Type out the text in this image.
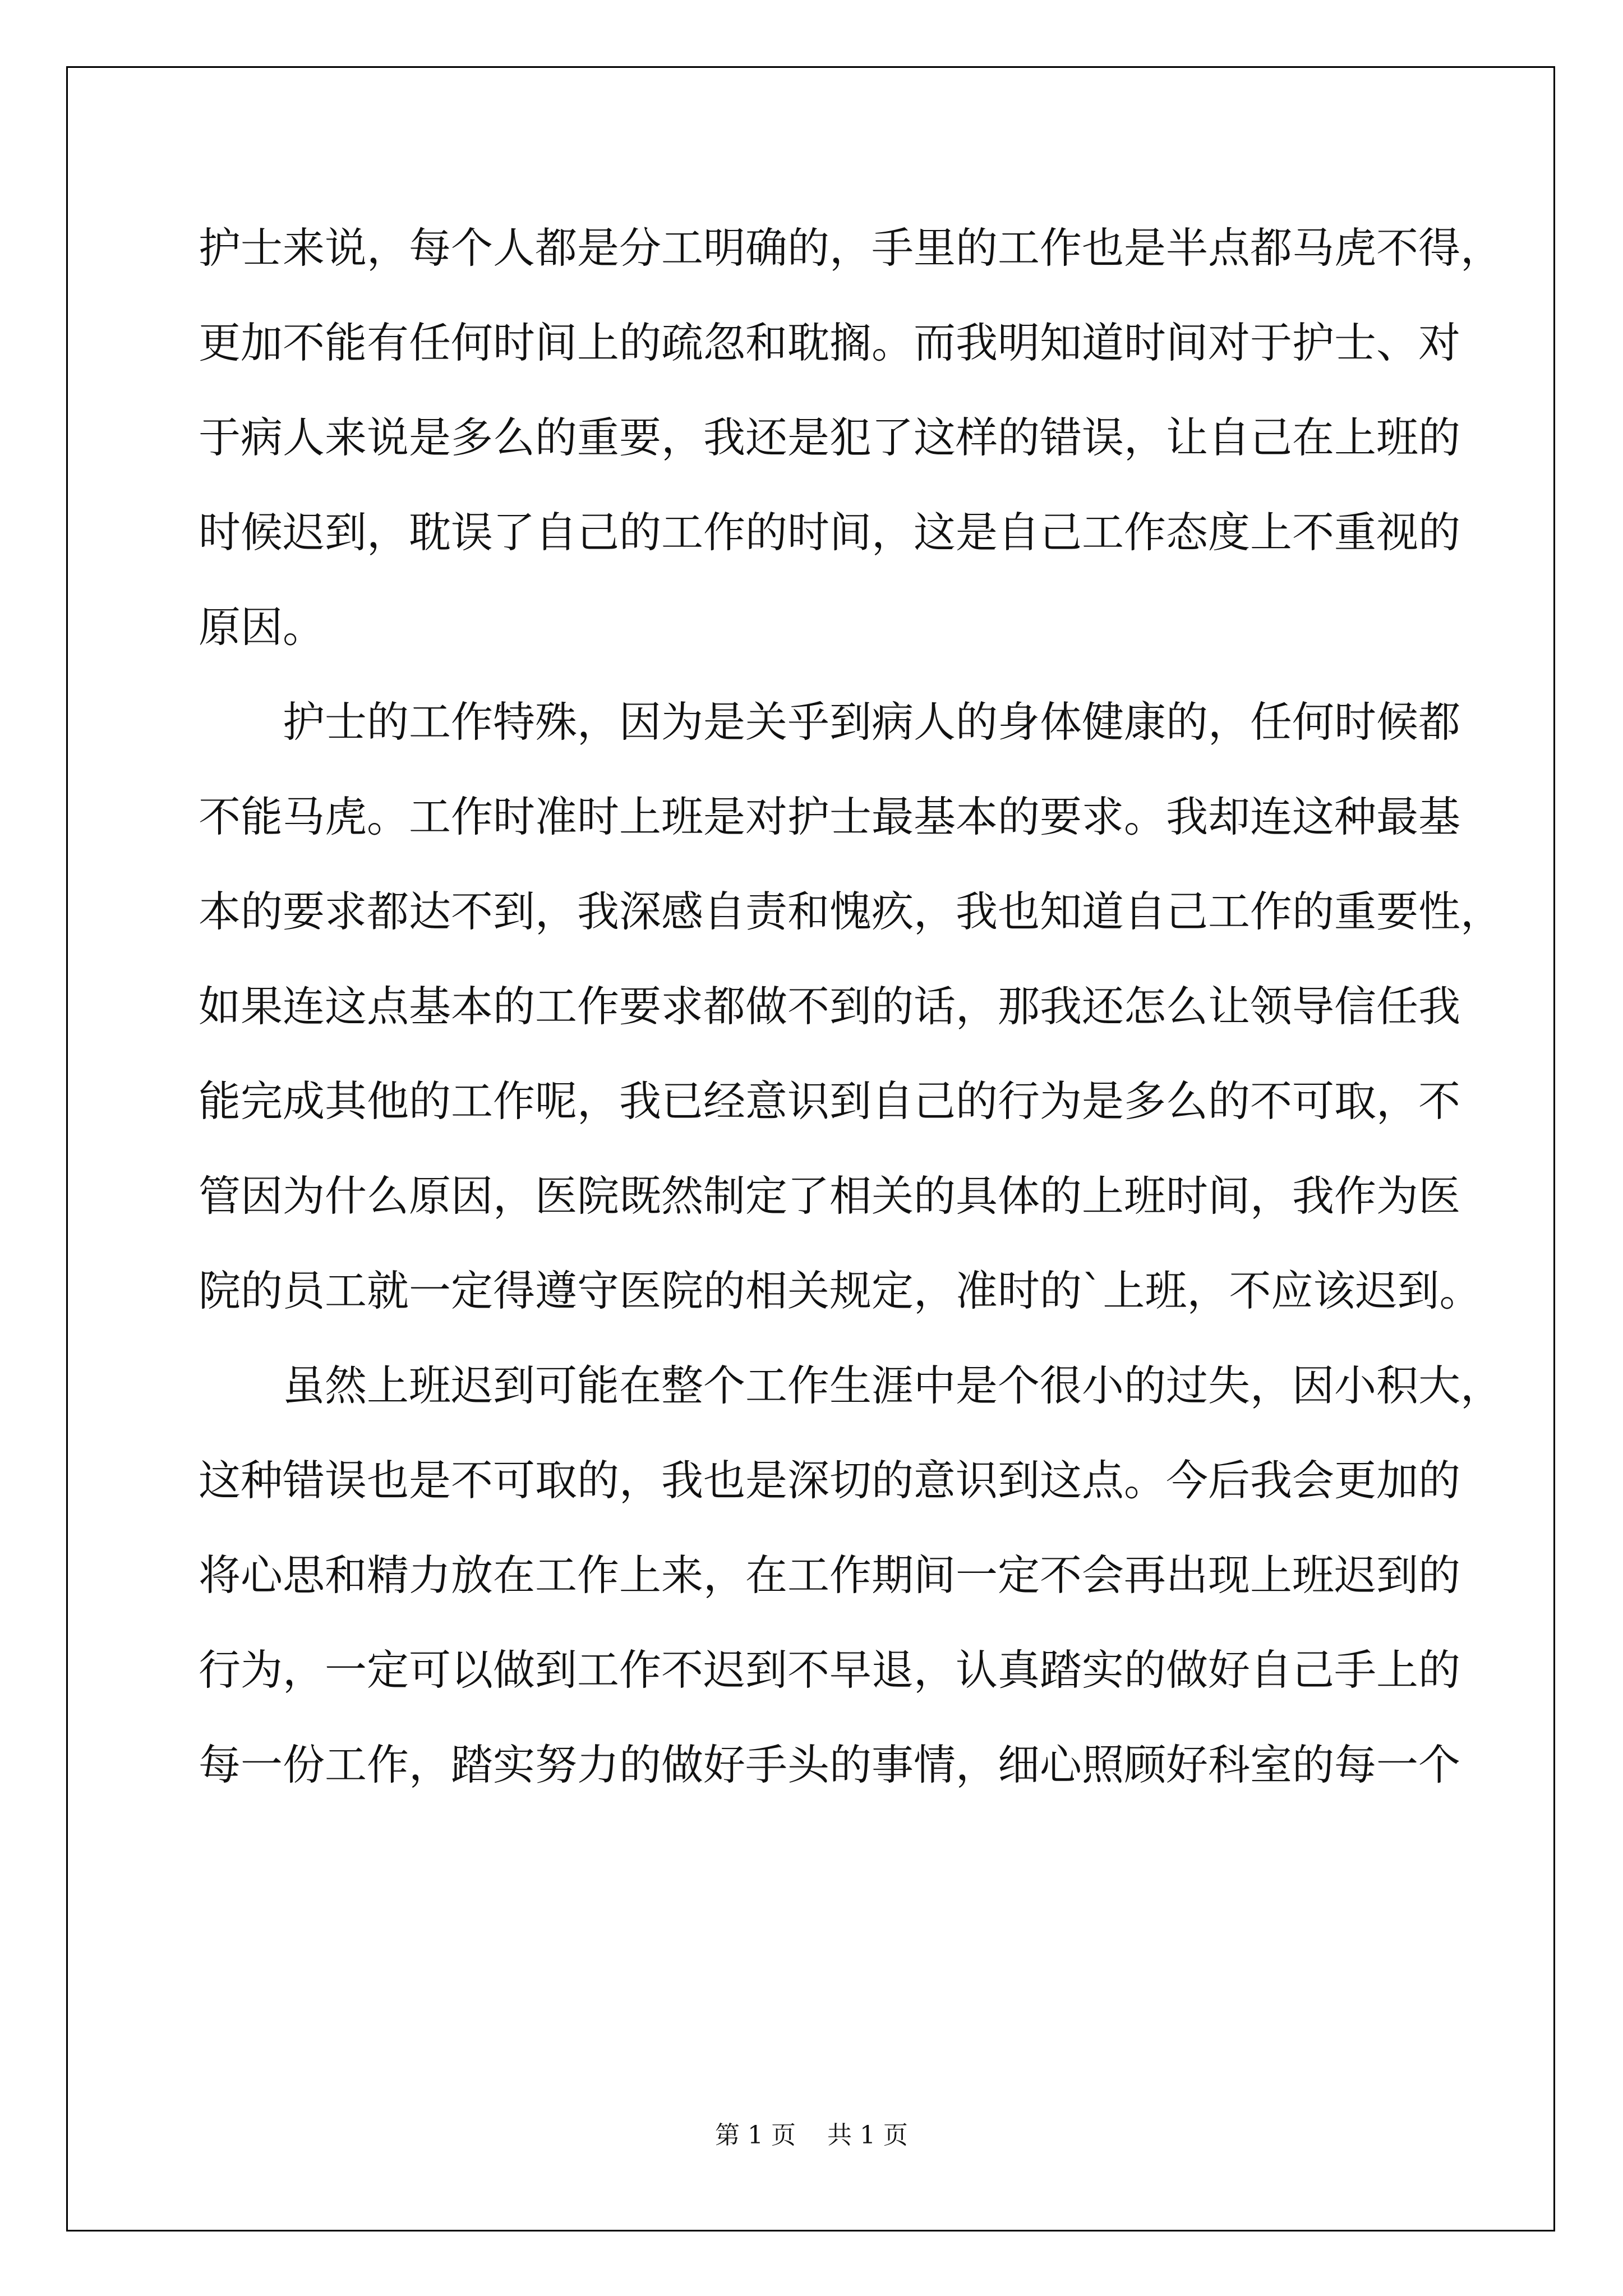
护士来说，每个人都是分工明确的，手里的工作也是半点都马虎不得，
更加不能有任何时间上的疏忽和耽搁。而我明知道时间对于护士、对
于病人来说是多么的重要，我还是犯了这样的错误，让自己在上班的
时候迟到，耽误了自己的工作的时间，这是自己工作态度上不重视的
原因。
护士的工作特殊，因为是关乎到病人的身体健康的，任何时候都
不能马虎。工作时准时上班是对护士最基本的要求。我却连这种最基
本的要求都达不到，我深感自责和愧疚，我也知道自己工作的重要性，
如果连这点基本的工作要求都做不到的话，那我还怎么让领导信任我
能完成其他的工作呢，我已经意识到自己的行为是多么的不可取，不
管因为什么原因，医院既然制定了相关的具体的上班时间，我作为医
院的员工就一定得遵守医院的相关规定，准时的`上班，不应该迟到。
虽然上班迟到可能在整个工作生涯中是个很小的过失，因小积大，
这种错误也是不可取的，我也是深切的意识到这点。今后我会更加的
将心思和精力放在工作上来，在工作期间一定不会再出现上班迟到的
行为，一定可以做到工作不迟到不早退，认真踏实的做好自己手上的
每一份工作，踏实努力的做好手头的事情，细心照顾好科室的每一个
第 1 页    共 1 页
